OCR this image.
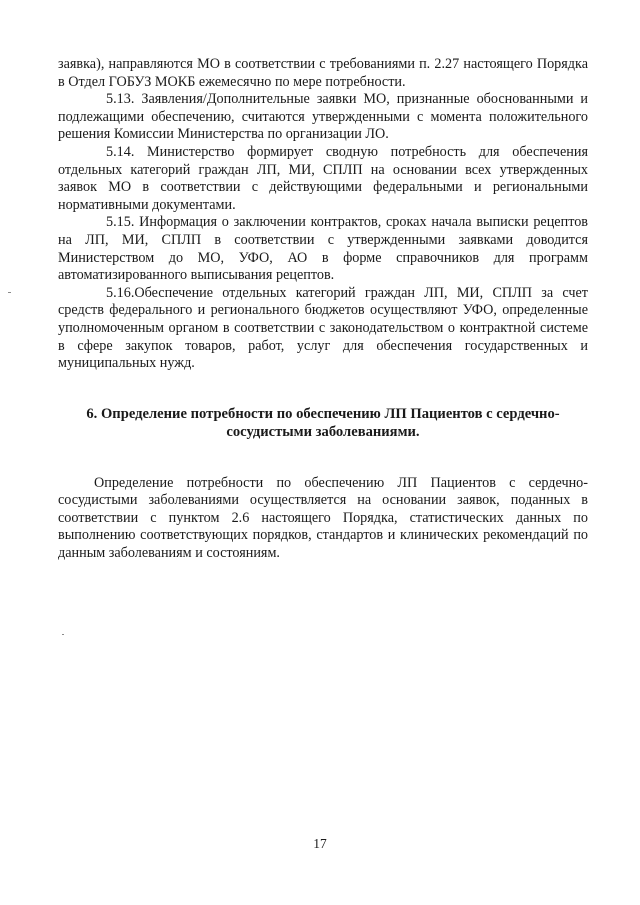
заявка), направляются МО в соответствии с требованиями п. 2.27 настоящего Порядка в Отдел ГОБУЗ МОКБ ежемесячно по мере потребности.

5.13. Заявления/Дополнительные заявки МО, признанные обоснованными и подлежащими обеспечению, считаются утвержденными с момента положительного решения Комиссии Министерства по организации ЛО.

5.14. Министерство формирует сводную потребность для обеспечения отдельных категорий граждан ЛП, МИ, СПЛП на основании всех утвержденных заявок МО в соответствии с действующими федеральными и региональными нормативными документами.

5.15. Информация о заключении контрактов, сроках начала выписки рецептов на ЛП, МИ, СПЛП в соответствии с утвержденными заявками доводится Министерством до МО, УФО, АО в форме справочников для программ автоматизированного выписывания рецептов.

5.16.Обеспечение отдельных категорий граждан ЛП, МИ, СПЛП за счет средств федерального и регионального бюджетов осуществляют УФО, определенные уполномоченным органом в соответствии с законодательством о контрактной системе в сфере закупок товаров, работ, услуг для обеспечения государственных и муниципальных нужд.

6. Определение потребности по обеспечению ЛП Пациентов с сердечно-сосудистыми заболеваниями.

Определение потребности по обеспечению ЛП Пациентов с сердечно-сосудистыми заболеваниями осуществляется на основании заявок, поданных в соответствии с пунктом 2.6 настоящего Порядка, статистических данных по выполнению соответствующих порядков, стандартов и клинических рекомендаций по данным заболеваниям и состояниям.

17
